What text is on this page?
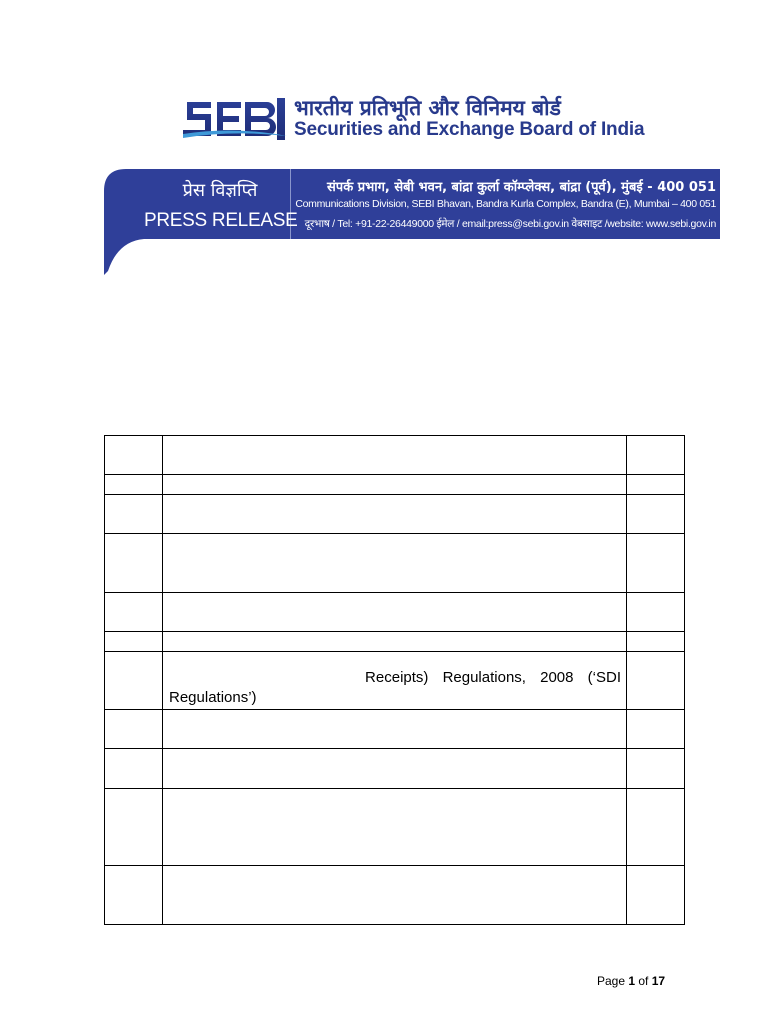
भारतीय प्रतिभूति और विनिमय बोर्ड
Securities and Exchange Board of India
प्रेस विज्ञप्ति
PRESS RELEASE
संपर्क प्रभाग, सेबी भवन, बांद्रा कुर्ला कॉम्प्लेक्स, बांद्रा (पूर्व), मुंबई - 400 051
Communications Division, SEBI Bhavan, Bandra Kurla Complex, Bandra (E), Mumbai – 400 051
दूरभाष / Tel: +91-22-26449000 ईमेल / email:press@sebi.gov.in वेबसाइट /website: www.sebi.gov.in

	Receipts) Regulations, 2008 (‘SDI
Regulations’)	

Page 1 of 17
